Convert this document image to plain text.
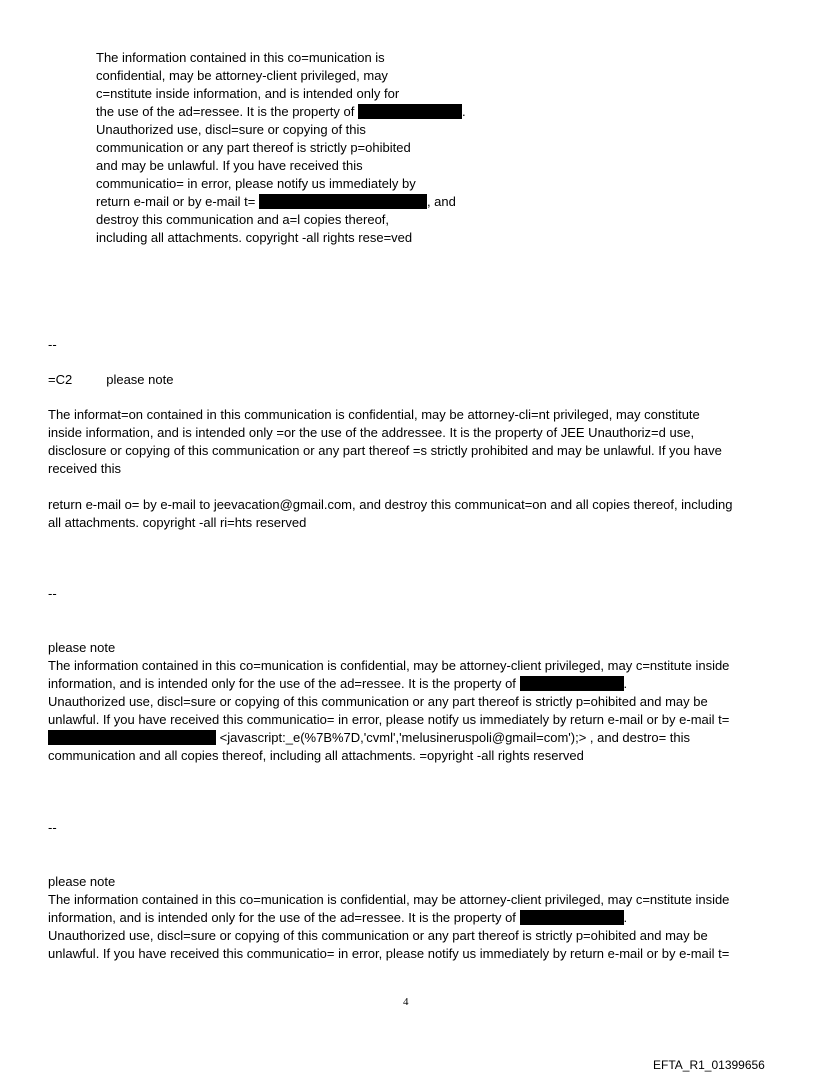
The information contained in this co=munication is
confidential, may be attorney-client privileged, may
c=nstitute inside information, and is intended only for
the use of the ad=ressee. It is the property of	.
Unauthorized use, discl=sure or copying of this
communication or any part thereof is strictly p=ohibited
and may be unlawful. If you have received this
communicatio= in error, please notify us immediately by
return e-mail or by e-mail t=	, and
destroy this communication and a=l copies thereof,
including all attachments. copyright -all rights rese=ved
--
=C2	please note
The informat=on contained in this communication is confidential, may be attorney-cli=nt privileged, may constitute
inside information, and is intended only =or the use of the addressee. It is the property of JEE Unauthoriz=d use,
disclosure or copying of this communication or any part thereof =s strictly prohibited and may be unlawful. If you have
received this
return e-mail o= by e-mail to jeevacation@gmail.com, and destroy this communicat=on and all copies thereof, including
all attachments. copyright -all ri=hts reserved
--
please note
The information contained in this co=munication is confidential, may be attorney-client privileged, may c=nstitute inside
information, and is intended only for the use of the ad=ressee. It is the property of	.
Unauthorized use, discl=sure or copying of this communication or any part thereof is strictly p=ohibited and may be
unlawful. If you have received this communicatio= in error, please notify us immediately by return e-mail or by e-mail t=
<javascript:_e(%7B%7D,'cvml','melusineruspoli@gmail=com');> , and destro= this
communication and all copies thereof, including all attachments. =opyright -all rights reserved
--
please note
The information contained in this co=munication is confidential, may be attorney-client privileged, may c=nstitute inside
information, and is intended only for the use of the ad=ressee. It is the property of	.
Unauthorized use, discl=sure or copying of this communication or any part thereof is strictly p=ohibited and may be
unlawful. If you have received this communicatio= in error, please notify us immediately by return e-mail or by e-mail t=
4
EFTA_R1_01399656
